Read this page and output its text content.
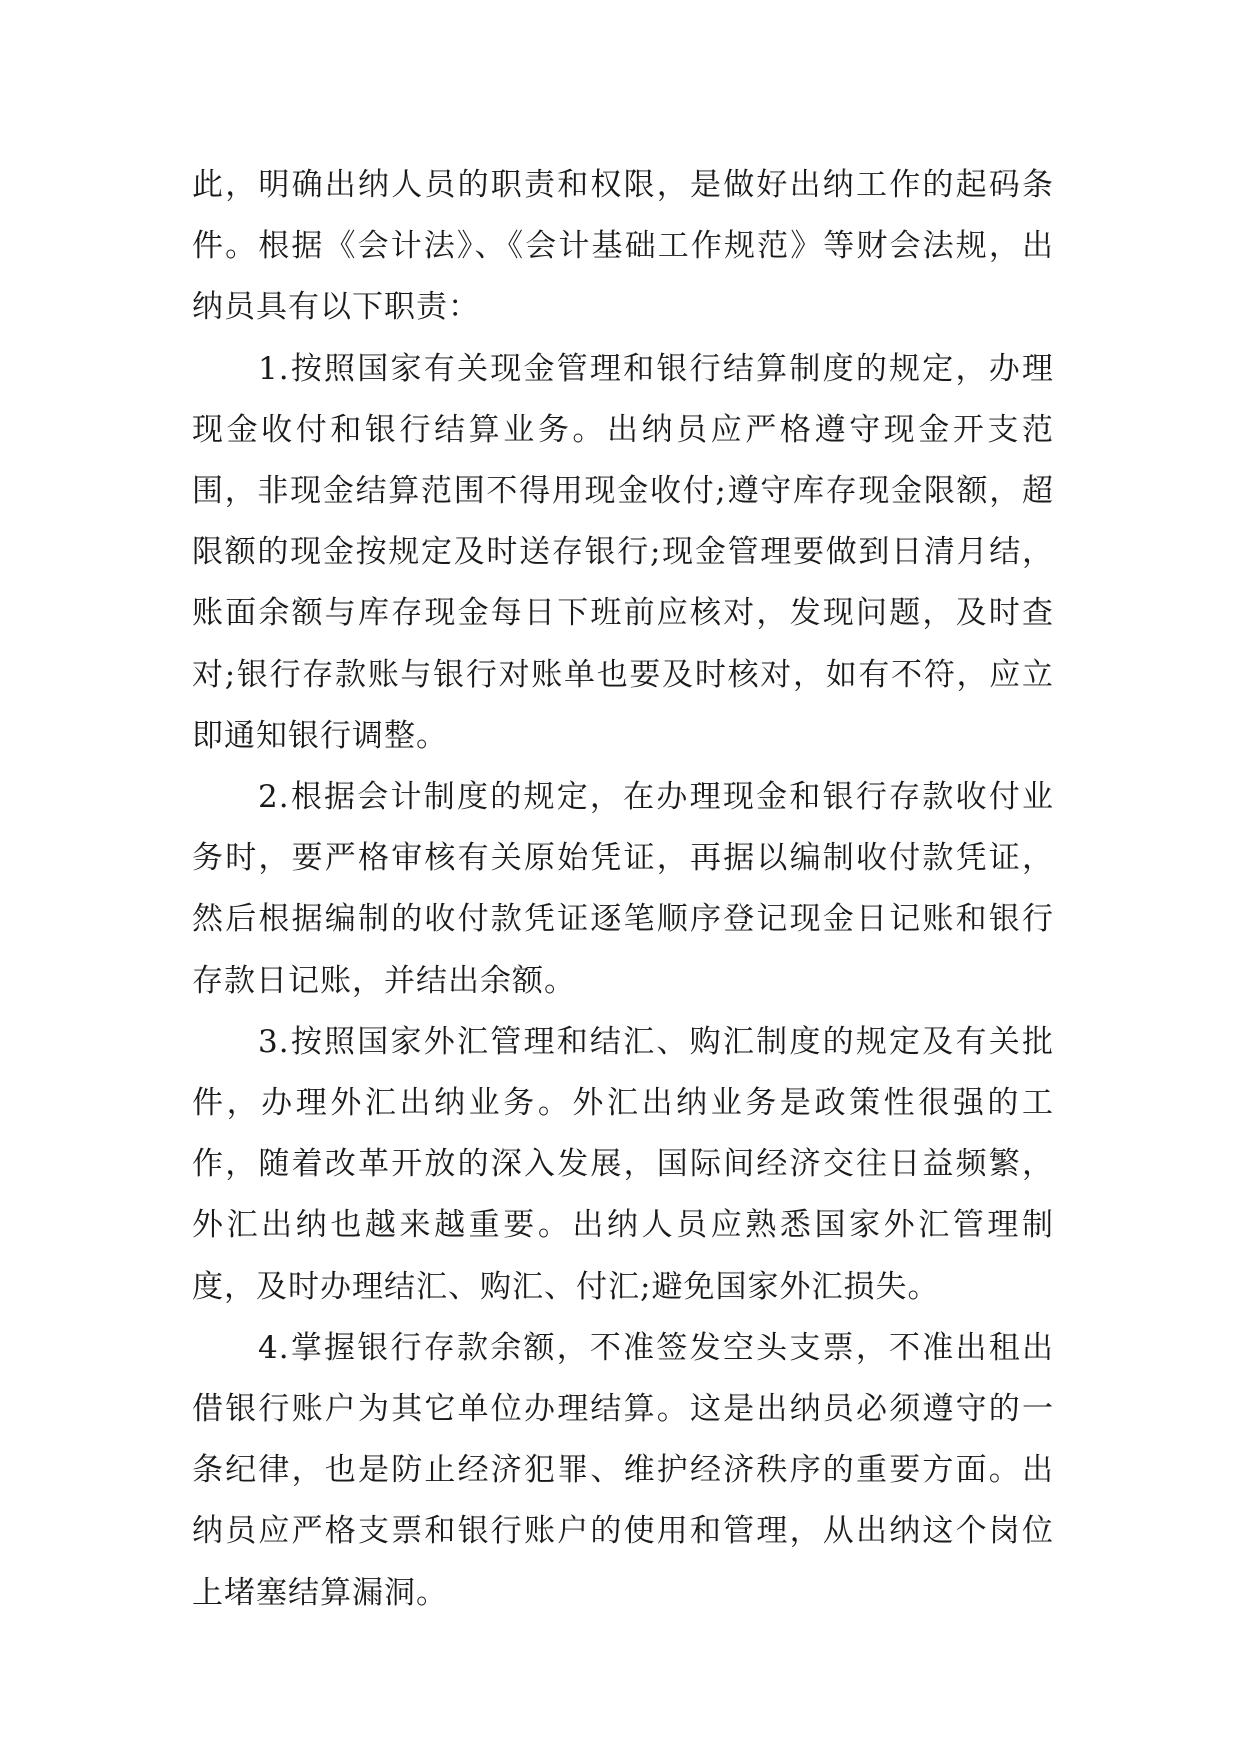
此，明确出纳人员的职责和权限，是做好出纳工作的起码条件。根据《会计法》、《会计基础工作规范》等财会法规，出纳员具有以下职责：

1.按照国家有关现金管理和银行结算制度的规定，办理现金收付和银行结算业务。出纳员应严格遵守现金开支范围，非现金结算范围不得用现金收付;遵守库存现金限额，超限额的现金按规定及时送存银行;现金管理要做到日清月结，账面余额与库存现金每日下班前应核对，发现问题，及时查对;银行存款账与银行对账单也要及时核对，如有不符，应立即通知银行调整。

2.根据会计制度的规定，在办理现金和银行存款收付业务时，要严格审核有关原始凭证，再据以编制收付款凭证，然后根据编制的收付款凭证逐笔顺序登记现金日记账和银行存款日记账，并结出余额。

3.按照国家外汇管理和结汇、购汇制度的规定及有关批件，办理外汇出纳业务。外汇出纳业务是政策性很强的工作，随着改革开放的深入发展，国际间经济交往日益频繁，外汇出纳也越来越重要。出纳人员应熟悉国家外汇管理制度，及时办理结汇、购汇、付汇;避免国家外汇损失。

4.掌握银行存款余额，不准签发空头支票，不准出租出借银行账户为其它单位办理结算。这是出纳员必须遵守的一条纪律，也是防止经济犯罪、维护经济秩序的重要方面。出纳员应严格支票和银行账户的使用和管理，从出纳这个岗位上堵塞结算漏洞。
